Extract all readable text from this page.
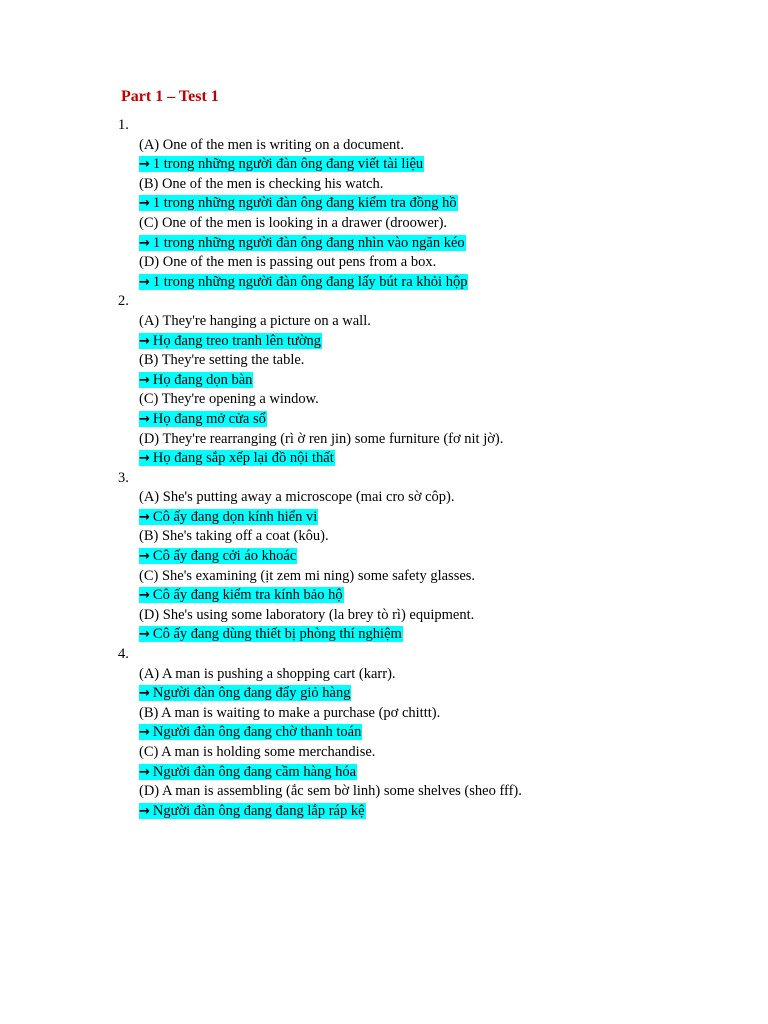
Part 1 – Test 1
1.
(A) One of the men is writing on a document.
→ 1 trong những người đàn ông đang viết tài liệu
(B) One of the men is checking his watch.
→ 1 trong những người đàn ông đang kiểm tra đồng hồ
(C) One of the men is looking in a drawer (droower).
→ 1 trong những người đàn ông đang nhìn vào ngăn kéo
(D) One of the men is passing out pens from a box.
→ 1 trong những người đàn ông đang lấy bút ra khỏi hộp
2.
(A) They're hanging a picture on a wall.
→ Họ đang treo tranh lên tường
(B) They're setting the table.
→ Họ đang dọn bàn
(C) They're opening a window.
→ Họ đang mở cửa sổ
(D) They're rearranging (rì ờ ren jin) some furniture (fơ nit jờ).
→ Họ đang sắp xếp lại đồ nội thất
3.
(A) She's putting away a microscope (mai cro sờ côp).
→ Cô ấy đang dọn kính hiển vi
(B) She's taking off a coat (kôu).
→ Cô ấy đang cởi áo khoác
(C) She's examining (ịt zem mi ning) some safety glasses.
→ Cô ấy đang kiểm tra kính bảo hộ
(D) She's using some laboratory (la brey tò rì) equipment.
→ Cô ấy đang dùng thiết bị phòng thí nghiệm
4.
(A) A man is pushing a shopping cart (karr).
→ Người đàn ông đang đẩy giỏ hàng
(B) A man is waiting to make a purchase (pơ chittt).
→ Người đàn ông đang chờ thanh toán
(C) A man is holding some merchandise.
→ Người đàn ông đang cầm hàng hóa
(D) A man is assembling (ắc sem bờ linh) some shelves (sheo fff).
→ Người đàn ông đang đang lắp ráp kệ
